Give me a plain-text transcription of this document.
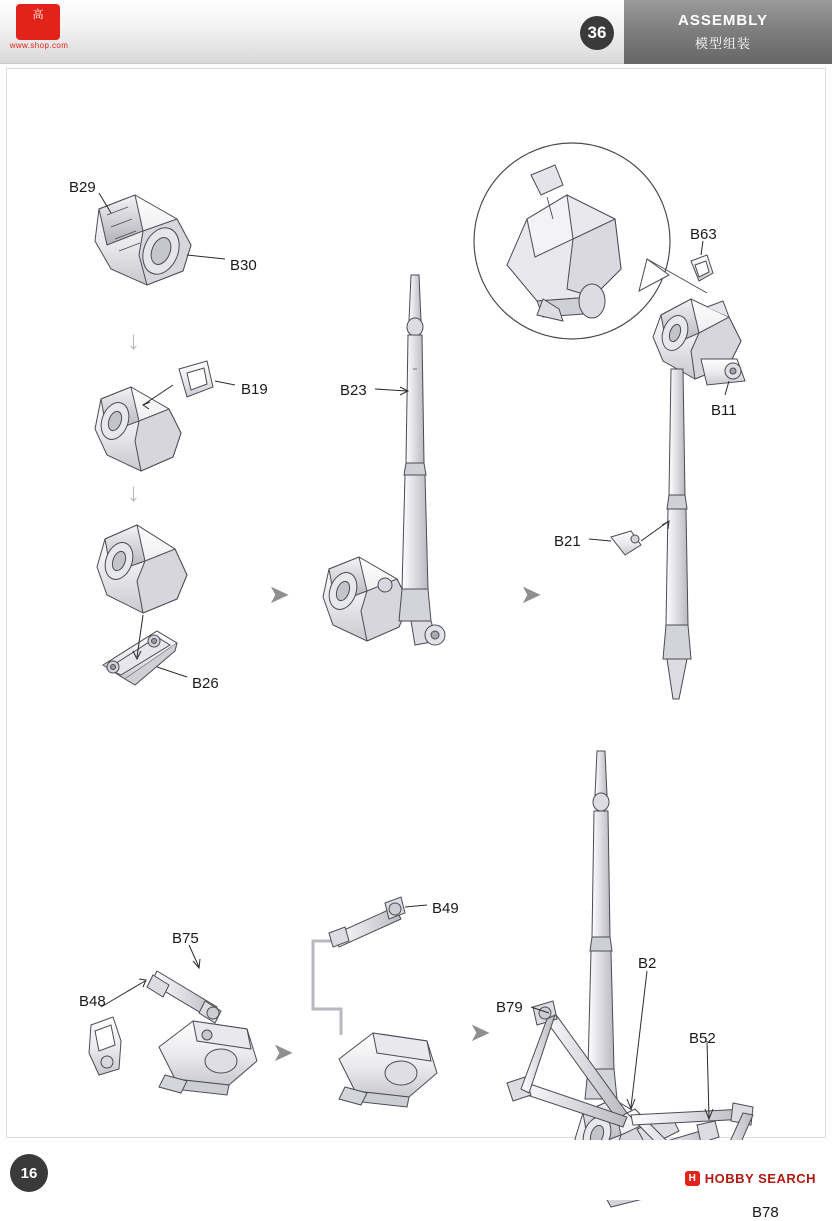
ASSEMBLY
模型组装
36
高
www.shop.com
B29
B30
B19
B26
B23
B63
B11
B21
B48
B75
B49
B2
B79
B52
B78
↓
↓
➤	➤
➤
➤
16	H HOBBY SEARCH
